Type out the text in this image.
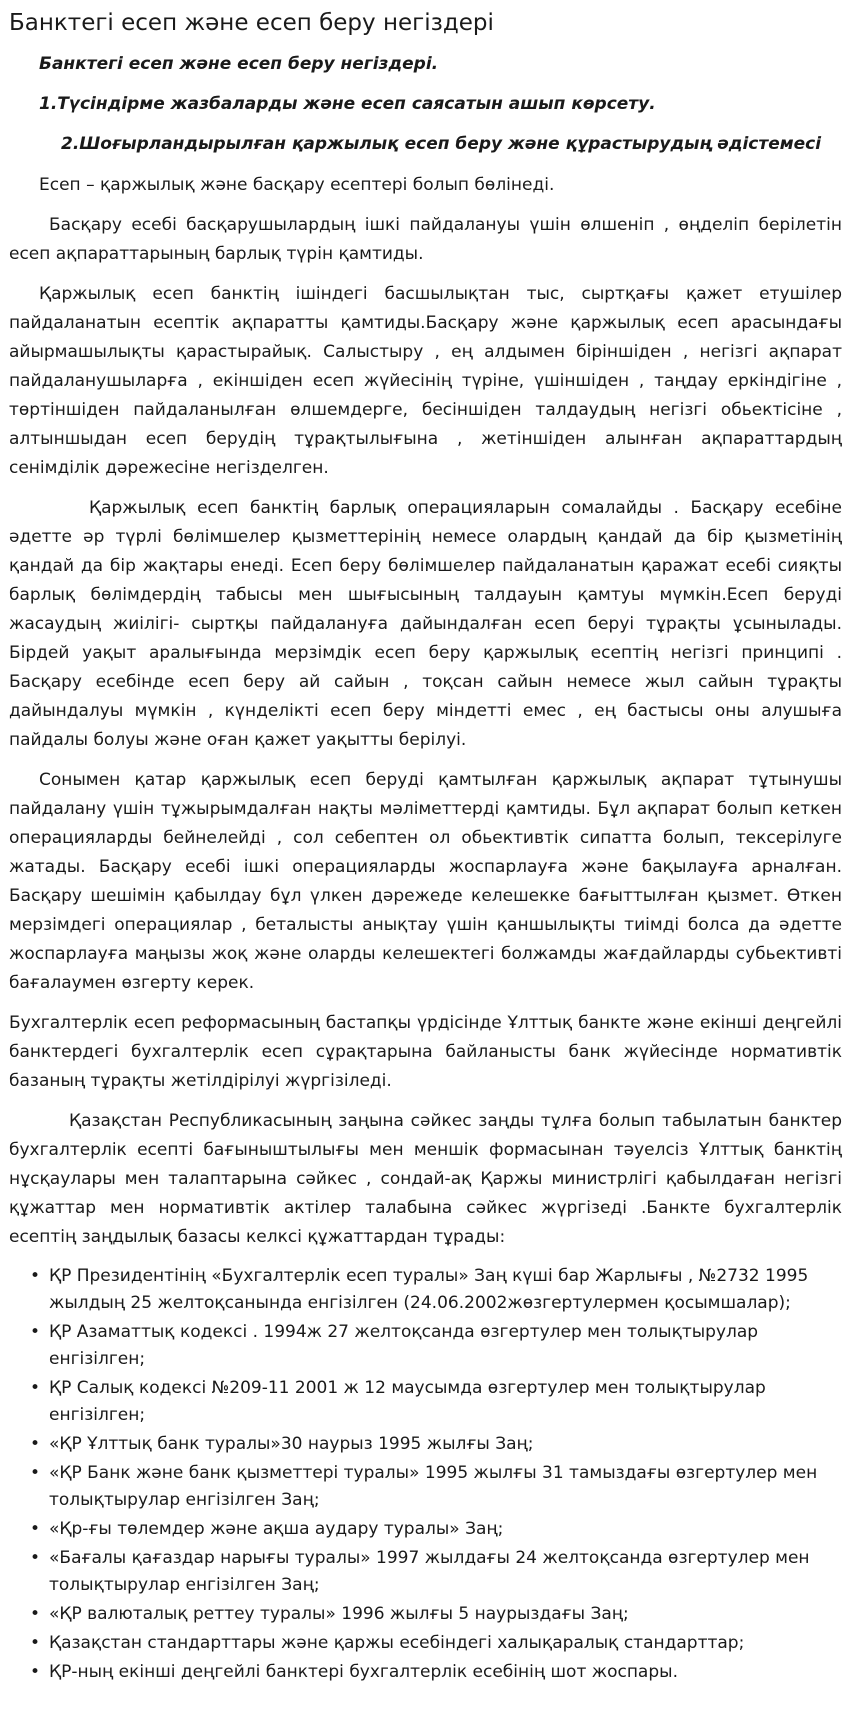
Банктегі есеп және есеп беру негіздері
Банктегі есеп және есеп беру негіздері.
1.Түсіндірме жазбаларды және есеп саясатын ашып көрсету.
2.Шоғырландырылған қаржылық есеп беру және құрастырудың әдістемесі

Есеп – қаржылық және басқару есептері болып бөлінеді.

Басқару есебі басқарушылардың ішкі пайдалануы үшін өлшеніп , өңделіп берілетін есеп ақпараттарының барлық түрін қамтиды.

Қаржылық есеп банктің ішіндегі басшылықтан тыс, сыртқағы қажет етушілер пайдаланатын есептік ақпаратты қамтиды.Басқару және қаржылық есеп арасындағы айырмашылықты қарастырайық. Салыстыру , ең алдымен біріншіден , негізгі ақпарат пайдаланушыларға , екіншіден есеп жүйесінің түріне, үшіншіден , таңдау еркіндігіне , төртіншіден пайдаланылған өлшемдерге, бесіншіден талдаудың негізгі обьектісіне , алтыншыдан есеп берудің тұрақтылығына , жетіншіден алынған ақпараттардың сенімділік дәрежесіне негізделген.

Қаржылық есеп банктің барлық операцияларын сомалайды . Басқару есебіне әдетте әр түрлі бөлімшелер қызметтерінің немесе олардың қандай да бір қызметінің қандай да бір жақтары енеді. Есеп беру бөлімшелер пайдаланатын қаражат есебі сияқты барлық бөлімдердің табысы мен шығысының талдауын қамтуы мүмкін.Есеп беруді жасаудың жиілігі- сыртқы пайдалануға дайындалған есеп беруі тұрақты ұсынылады. Бірдей уақыт аралығында мерзімдік есеп беру қаржылық есептің негізгі принципі . Басқару есебінде есеп беру ай сайын , тоқсан сайын немесе жыл сайын тұрақты дайындалуы мүмкін , күнделікті есеп беру міндетті емес , ең бастысы оны алушыға пайдалы болуы және оған қажет уақытты берілуі.

Сонымен қатар қаржылық есеп беруді қамтылған қаржылық ақпарат тұтынушы пайдалану үшін тұжырымдалған нақты мәліметтерді қамтиды. Бұл ақпарат болып кеткен операцияларды бейнелейді , сол себептен ол обьективтік сипатта болып, тексерілуге жатады. Басқару есебі ішкі операцияларды жоспарлауға және бақылауға арналған. Басқару шешімін қабылдау бұл үлкен дәрежеде келешекке бағыттылған қызмет. Өткен мерзімдегі операциялар , беталысты анықтау үшін қаншылықты тиімді болса да әдетте жоспарлауға маңызы жоқ және оларды келешектегі болжамды жағдайларды субьективті бағалаумен өзгерту керек.

Бухгалтерлік есеп реформасының бастапқы үрдісінде Ұлттық банкте және екінші деңгейлі банктердегі бухгалтерлік есеп сұрақтарына байланысты банк жүйесінде нормативтік базаның тұрақты жетілдірілуі жүргізіледі.

Қазақстан Республикасының заңына сәйкес заңды тұлға болып табылатын банктер бухгалтерлік есепті бағыныштылығы мен меншік формасынан тәуелсіз Ұлттық банктің нұсқаулары мен талаптарына сәйкес , сондай-ақ Қаржы министрлігі қабылдаған негізгі құжаттар мен нормативтік актілер талабына сәйкес жүргізеді .Банкте бухгалтерлік есептің заңдылық базасы келксі құжаттардан тұрады:

• ҚР Президентінің «Бухгалтерлік есеп туралы» Заң күші бар Жарлығы , №2732 1995 жылдың 25 желтоқсанында енгізілген (24.06.2002жөзгертулермен қосымшалар);
• ҚР Азаматтық кодексі . 1994ж 27 желтоқсанда өзгертулер мен толықтырулар енгізілген;
• ҚР Салық кодексі №209-11 2001 ж 12 маусымда өзгертулер мен толықтырулар енгізілген;
• «ҚР Ұлттық банк туралы»30 наурыз 1995 жылғы Заң;
• «ҚР Банк және банк қызметтері туралы» 1995 жылғы 31 тамыздағы өзгертулер мен толықтырулар енгізілген Заң;
• «Қр-ғы төлемдер және ақша аудару туралы» Заң;
• «Бағалы қағаздар нарығы туралы» 1997 жылдағы 24 желтоқсанда өзгертулер мен толықтырулар енгізілген Заң;
• «ҚР валюталық реттеу туралы» 1996 жылғы 5 наурыздағы Заң;
• Қазақстан стандарттары және қаржы есебіндегі халықаралық стандарттар;
• ҚР-ның екінші деңгейлі банктері бухгалтерлік есебінің шот жоспары.
